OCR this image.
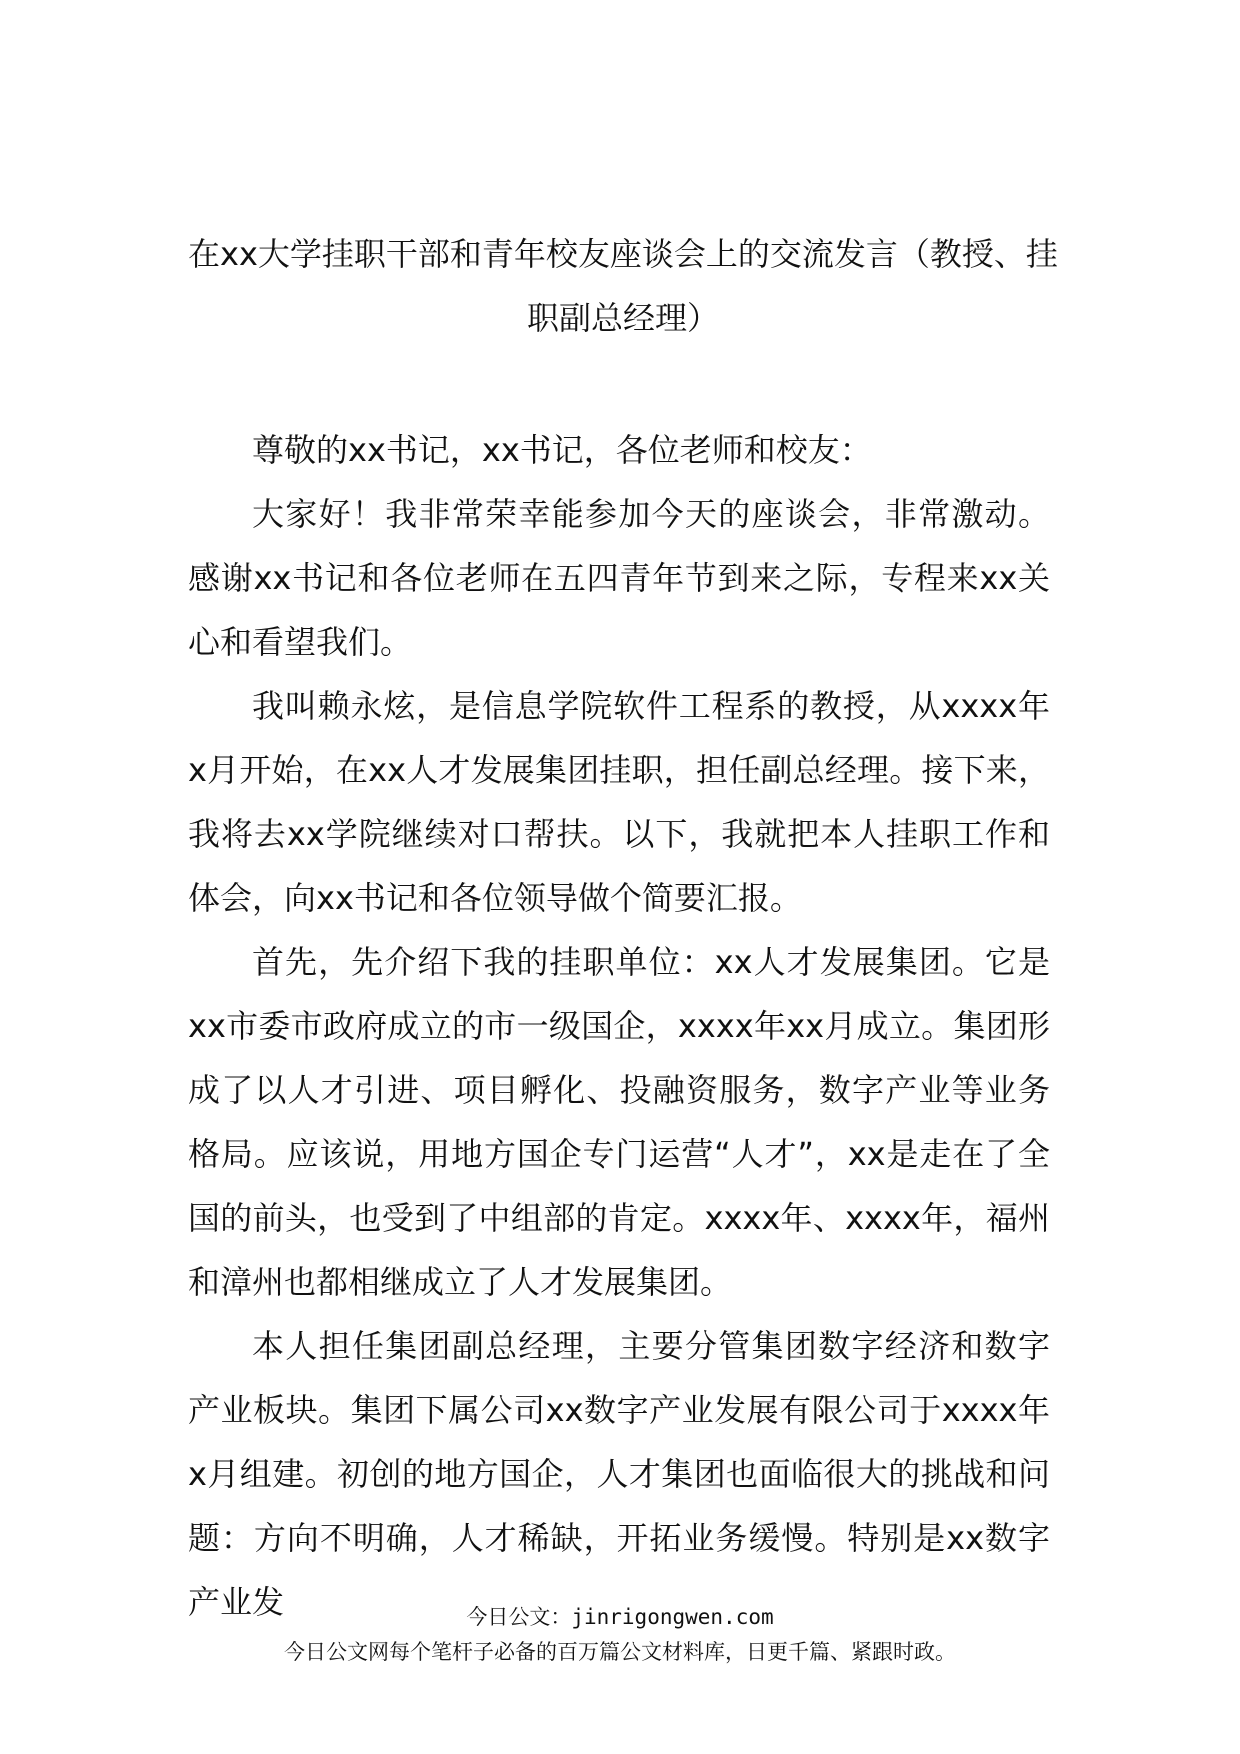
在xx大学挂职干部和青年校友座谈会上的交流发言（教授、挂
职副总经理）

尊敬的xx书记，xx书记，各位老师和校友：

大家好！我非常荣幸能参加今天的座谈会，非常激动。感谢xx书记和各位老师在五四青年节到来之际，专程来xx关心和看望我们。

我叫赖永炫，是信息学院软件工程系的教授，从xxxx年x月开始，在xx人才发展集团挂职，担任副总经理。接下来，我将去xx学院继续对口帮扶。以下，我就把本人挂职工作和体会，向xx书记和各位领导做个简要汇报。

首先，先介绍下我的挂职单位：xx人才发展集团。它是xx市委市政府成立的市一级国企，xxxx年xx月成立。集团形成了以人才引进、项目孵化、投融资服务，数字产业等业务格局。应该说，用地方国企专门运营“人才”，xx是走在了全国的前头，也受到了中组部的肯定。xxxx年、xxxx年，福州和漳州也都相继成立了人才发展集团。

本人担任集团副总经理，主要分管集团数字经济和数字产业板块。集团下属公司xx数字产业发展有限公司于xxxx年x月组建。初创的地方国企，人才集团也面临很大的挑战和问题：方向不明确，人才稀缺，开拓业务缓慢。特别是xx数字产业发	今日公文：jinrigongwen.com
今日公文网每个笔杆子必备的百万篇公文材料库，日更千篇、紧跟时政。
